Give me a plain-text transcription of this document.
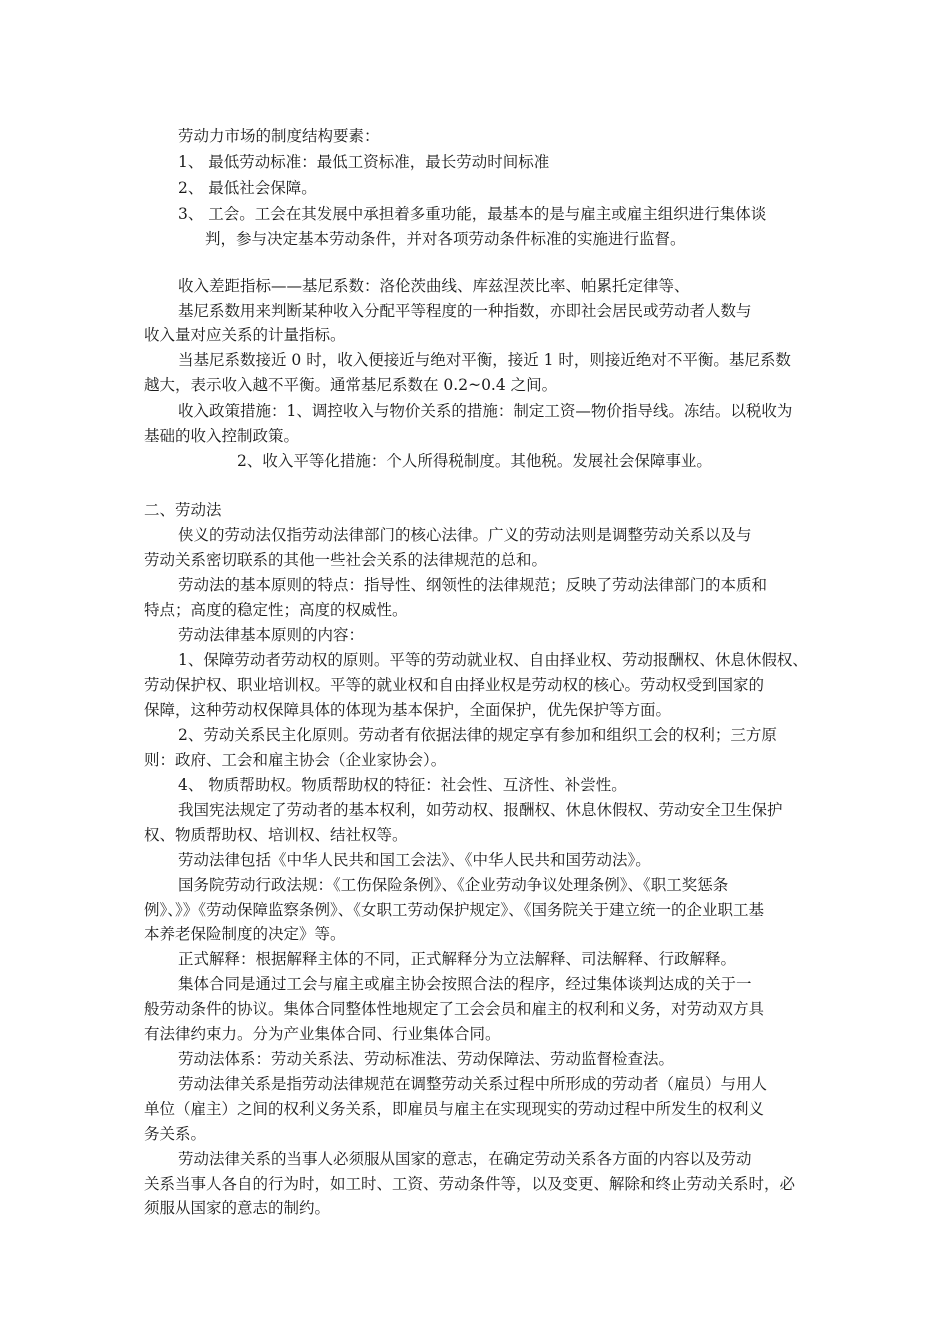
劳动力市场的制度结构要素：
1、 最低劳动标准：最低工资标准，最长劳动时间标准
2、 最低社会保障。
3、 工会。工会在其发展中承担着多重功能，最基本的是与雇主或雇主组织进行集体谈
判，参与决定基本劳动条件，并对各项劳动条件标准的实施进行监督。
收入差距指标——基尼系数：洛伦茨曲线、库兹涅茨比率、帕累托定律等、
基尼系数用来判断某种收入分配平等程度的一种指数，亦即社会居民或劳动者人数与
收入量对应关系的计量指标。
当基尼系数接近 0 时，收入便接近与绝对平衡，接近 1 时，则接近绝对不平衡。基尼系数
越大，表示收入越不平衡。通常基尼系数在 0.2~0.4 之间。
收入政策措施：1、调控收入与物价关系的措施：制定工资—物价指导线。冻结。以税收为
基础的收入控制政策。
2、收入平等化措施：个人所得税制度。其他税。发展社会保障事业。
二、劳动法
侠义的劳动法仅指劳动法律部门的核心法律。广义的劳动法则是调整劳动关系以及与
劳动关系密切联系的其他一些社会关系的法律规范的总和。
劳动法的基本原则的特点：指导性、纲领性的法律规范；反映了劳动法律部门的本质和
特点；高度的稳定性；高度的权威性。
劳动法律基本原则的内容：
1、保障劳动者劳动权的原则。平等的劳动就业权、自由择业权、劳动报酬权、休息休假权、
劳动保护权、职业培训权。平等的就业权和自由择业权是劳动权的核心。劳动权受到国家的
保障，这种劳动权保障具体的体现为基本保护，全面保护，优先保护等方面。
2、劳动关系民主化原则。劳动者有依据法律的规定享有参加和组织工会的权利；三方原
则：政府、工会和雇主协会（企业家协会）。
4、 物质帮助权。物质帮助权的特征：社会性、互济性、补尝性。
我国宪法规定了劳动者的基本权利，如劳动权、报酬权、休息休假权、劳动安全卫生保护
权、物质帮助权、培训权、结社权等。
劳动法律包括《中华人民共和国工会法》、《中华人民共和国劳动法》。
国务院劳动行政法规：《工伤保险条例》、《企业劳动争议处理条例》、《职工奖惩条
例》、》》《劳动保障监察条例》、《女职工劳动保护规定》、《国务院关于建立统一的企业职工基
本养老保险制度的决定》等。
正式解释：根据解释主体的不同，正式解释分为立法解释、司法解释、行政解释。
集体合同是通过工会与雇主或雇主协会按照合法的程序，经过集体谈判达成的关于一
般劳动条件的协议。集体合同整体性地规定了工会会员和雇主的权利和义务，对劳动双方具
有法律约束力。分为产业集体合同、行业集体合同。
劳动法体系：劳动关系法、劳动标准法、劳动保障法、劳动监督检查法。
劳动法律关系是指劳动法律规范在调整劳动关系过程中所形成的劳动者（雇员）与用人
单位（雇主）之间的权利义务关系，即雇员与雇主在实现现实的劳动过程中所发生的权利义
务关系。
劳动法律关系的当事人必须服从国家的意志，在确定劳动关系各方面的内容以及劳动
关系当事人各自的行为时，如工时、工资、劳动条件等，以及变更、解除和终止劳动关系时，必
须服从国家的意志的制约。
